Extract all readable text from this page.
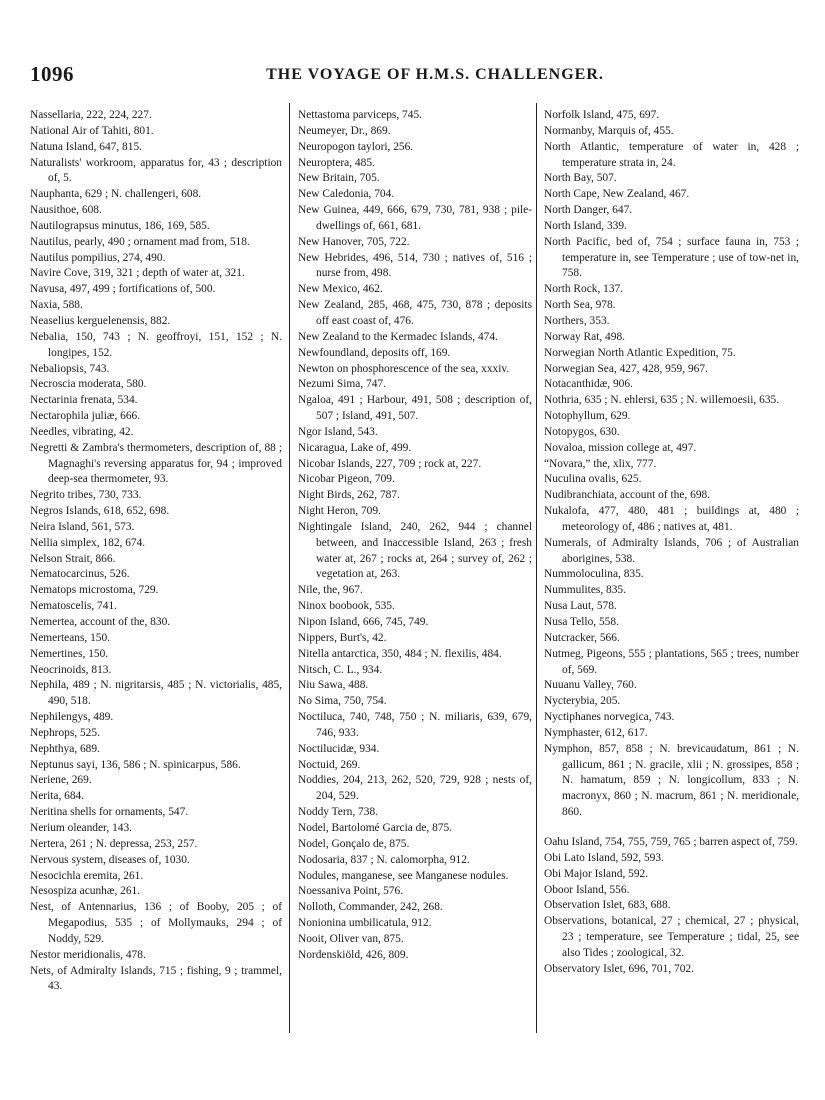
1096	THE VOYAGE OF H.M.S. CHALLENGER.
Nassellaria, 222, 224, 227.
National Air of Tahiti, 801.
Natuna Island, 647, 815.
Naturalists' workroom, apparatus for, 43 ; description of, 5.
Nauphanta, 629 ; N. challengeri, 608.
Nausithoe, 608.
Nautilograpsus minutus, 186, 169, 585.
Nautilus, pearly, 490 ; ornament mad from, 518.
Nautilus pompilius, 274, 490.
Navire Cove, 319, 321 ; depth of water at, 321.
Navusa, 497, 499 ; fortifications of, 500.
Naxia, 588.
Neaselius kerguelenensis, 882.
Nebalia, 150, 743 ; N. geoffroyi, 151, 152 ; N. longipes, 152.
Nebaliopsis, 743.
Necroscia moderata, 580.
Nectarinia frenata, 534.
Nectarophila juliæ, 666.
Needles, vibrating, 42.
Negretti & Zambra's thermometers, description of, 88 ; Magnaghi's reversing apparatus for, 94 ; improved deep-sea thermometer, 93.
Negrito tribes, 730, 733.
Negros Islands, 618, 652, 698.
Neira Island, 561, 573.
Nellia simplex, 182, 674.
Nelson Strait, 866.
Nematocarcinus, 526.
Nematops microstoma, 729.
Nematoscelis, 741.
Nemertea, account of the, 830.
Nemerteans, 150.
Nemertines, 150.
Neocrinoids, 813.
Nephila, 489 ; N. nigritarsis, 485 ; N. victorialis, 485, 490, 518.
Nephilengys, 489.
Nephrops, 525.
Nephthya, 689.
Neptunus sayi, 136, 586 ; N. spinicarpus, 586.
Neriene, 269.
Nerita, 684.
Neritina shells for ornaments, 547.
Nerium oleander, 143.
Nertera, 261 ; N. depressa, 253, 257.
Nervous system, diseases of, 1030.
Nesocichla eremita, 261.
Nesospiza acunhæ, 261.
Nest, of Antennarius, 136 ; of Booby, 205 ; of Megapodius, 535 ; of Mollymauks, 294 ; of Noddy, 529.
Nestor meridionalis, 478.
Nets, of Admiralty Islands, 715 ; fishing, 9 ; trammel, 43.
Nettastoma parviceps, 745.
Neumeyer, Dr., 869.
Neuropogon taylori, 256.
Neuroptera, 485.
New Britain, 705.
New Caledonia, 704.
New Guinea, 449, 666, 679, 730, 781, 938 ; pile-dwellings of, 661, 681.
New Hanover, 705, 722.
New Hebrides, 496, 514, 730 ; natives of, 516 ; nurse from, 498.
New Mexico, 462.
New Zealand, 285, 468, 475, 730, 878 ; deposits off east coast of, 476.
New Zealand to the Kermadec Islands, 474.
Newfoundland, deposits off, 169.
Newton on phosphorescence of the sea, xxxiv.
Nezumi Sima, 747.
Ngaloa, 491 ; Harbour, 491, 508 ; description of, 507 ; Island, 491, 507.
Ngor Island, 543.
Nicaragua, Lake of, 499.
Nicobar Islands, 227, 709 ; rock at, 227.
Nicobar Pigeon, 709.
Night Birds, 262, 787.
Night Heron, 709.
Nightingale Island, 240, 262, 944 ; channel between, and Inaccessible Island, 263 ; fresh water at, 267 ; rocks at, 264 ; survey of, 262 ; vegetation at, 263.
Nile, the, 967.
Ninox boobook, 535.
Nipon Island, 666, 745, 749.
Nippers, Burt's, 42.
Nitella antarctica, 350, 484 ; N. flexilis, 484.
Nitsch, C. L., 934.
Niu Sawa, 488.
No Sima, 750, 754.
Noctiluca, 740, 748, 750 ; N. miliaris, 639, 679, 746, 933.
Noctilucidæ, 934.
Noctuid, 269.
Noddies, 204, 213, 262, 520, 729, 928 ; nests of, 204, 529.
Noddy Tern, 738.
Nodel, Bartolomé Garcia de, 875.
Nodel, Gonçalo de, 875.
Nodosaria, 837 ; N. calomorpha, 912.
Nodules, manganese, see Manganese nodules.
Noessaniva Point, 576.
Nolloth, Commander, 242, 268.
Nonionina umbilicatula, 912.
Nooit, Oliver van, 875.
Nordenskiöld, 426, 809.
Norfolk Island, 475, 697.
Normanby, Marquis of, 455.
North Atlantic, temperature of water in, 428 ; temperature strata in, 24.
North Bay, 507.
North Cape, New Zealand, 467.
North Danger, 647.
North Island, 339.
North Pacific, bed of, 754 ; surface fauna in, 753 ; temperature in, see Temperature ; use of tow-net in, 758.
North Rock, 137.
North Sea, 978.
Northers, 353.
Norway Rat, 498.
Norwegian North Atlantic Expedition, 75.
Norwegian Sea, 427, 428, 959, 967.
Notacanthidæ, 906.
Nothria, 635 ; N. ehlersi, 635 ; N. willemoesii, 635.
Notophyllum, 629.
Notopygos, 630.
Novaloa, mission college at, 497.
“Novara,” the, xlix, 777.
Nuculina ovalis, 625.
Nudibranchiata, account of the, 698.
Nukalofa, 477, 480, 481 ; buildings at, 480 ; meteorology of, 486 ; natives at, 481.
Numerals, of Admiralty Islands, 706 ; of Australian aborigines, 538.
Nummoloculina, 835.
Nummulites, 835.
Nusa Laut, 578.
Nusa Tello, 558.
Nutcracker, 566.
Nutmeg, Pigeons, 555 ; plantations, 565 ; trees, number of, 569.
Nuuanu Valley, 760.
Nycterybia, 205.
Nyctiphanes norvegica, 743.
Nymphaster, 612, 617.
Nymphon, 857, 858 ; N. brevicaudatum, 861 ; N. gallicum, 861 ; N. gracile, xlii ; N. grossipes, 858 ; N. hamatum, 859 ; N. longicollum, 833 ; N. macronyx, 860 ; N. macrum, 861 ; N. meridionale, 860.
Oahu Island, 754, 755, 759, 765 ; barren aspect of, 759.
Obi Lato Island, 592, 593.
Obi Major Island, 592.
Oboor Island, 556.
Observation Islet, 683, 688.
Observations, botanical, 27 ; chemical, 27 ; physical, 23 ; temperature, see Temperature ; tidal, 25, see also Tides ; zoological, 32.
Observatory Islet, 696, 701, 702.
